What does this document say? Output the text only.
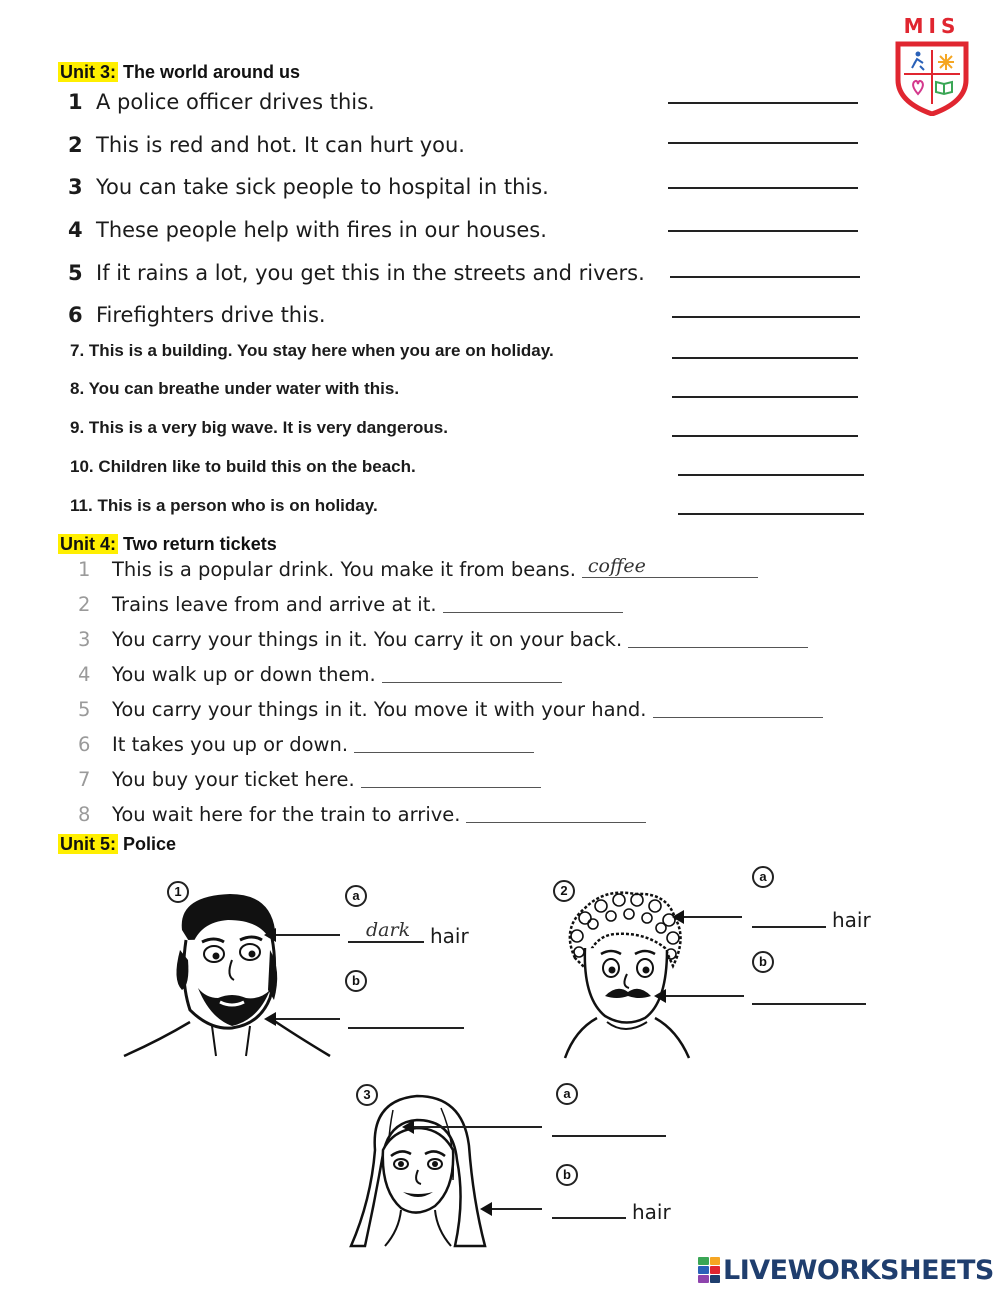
MIS
Unit 3: The world around us
1 A police officer drives this.
2 This is red and hot. It can hurt you.
3 You can take sick people to hospital in this.
4 These people help with fires in our houses.
5 If it rains a lot, you get this in the streets and rivers.
6 Firefighters drive this.
7. This is a building. You stay here when you are on holiday.
8. You can breathe under water with this.
9. This is a very big wave. It is very dangerous.
10. Children like to build this on the beach.
11. This is a person who is on holiday.
Unit 4: Two return tickets
1 This is a popular drink. You make it from beans. coffee
2 Trains leave from and arrive at it.
3 You carry your things in it. You carry it on your back.
4 You walk up or down them.
5 You carry your things in it. You move it with your hand.
6 It takes you up or down.
7 You buy your ticket here.
8 You wait here for the train to arrive.
Unit 5: Police
1	a
dark hair
b
2
a
hair
b
3	a
b
hair
LIVEWORKSHEETS
